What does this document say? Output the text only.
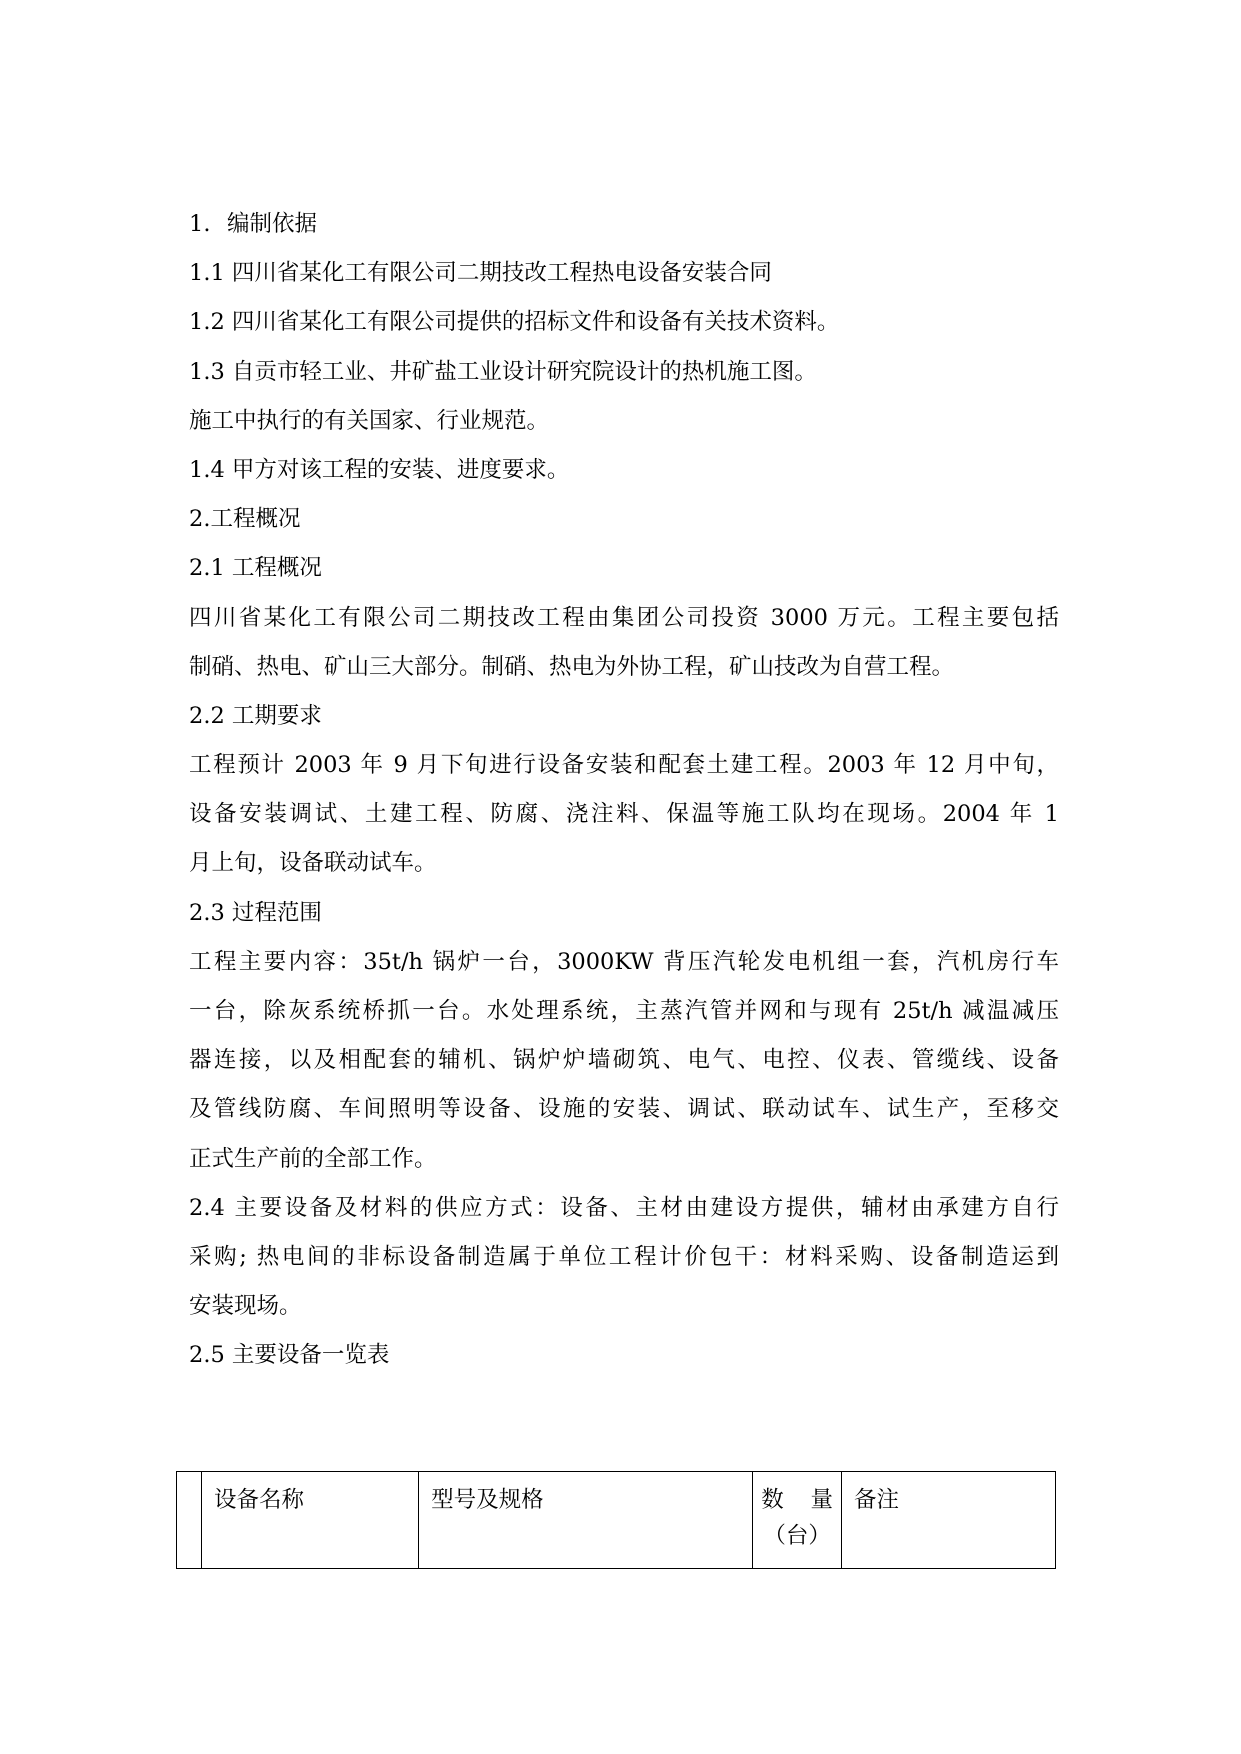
1. 编制依据

1.1 四川省某化工有限公司二期技改工程热电设备安装合同

1.2 四川省某化工有限公司提供的招标文件和设备有关技术资料。

1.3 自贡市轻工业、井矿盐工业设计研究院设计的热机施工图。

施工中执行的有关国家、行业规范。

1.4 甲方对该工程的安装、进度要求。

2.工程概况

2.1 工程概况

四川省某化工有限公司二期技改工程由集团公司投资 3000 万元。工程主要包括

制硝、热电、矿山三大部分。制硝、热电为外协工程，矿山技改为自营工程。

2.2 工期要求

工程预计 2003 年 9 月下旬进行设备安装和配套土建工程。2003 年 12 月中旬，

设备安装调试、土建工程、防腐、浇注料、保温等施工队均在现场。2004 年 1

月上旬，设备联动试车。

2.3 过程范围

工程主要内容：35t/h 锅炉一台，3000KW 背压汽轮发电机组一套，汽机房行车

一台，除灰系统桥抓一台。水处理系统，主蒸汽管并网和与现有 25t/h 减温减压

器连接，以及相配套的辅机、锅炉炉墙砌筑、电气、电控、仪表、管缆线、设备

及管线防腐、车间照明等设备、设施的安装、调试、联动试车、试生产，至移交

正式生产前的全部工作。

2.4 主要设备及材料的供应方式：设备、主材由建设方提供，辅材由承建方自行

采购; 热电间的非标设备制造属于单位工程计价包干：材料采购、设备制造运到

安装现场。

2.5 主要设备一览表

	设备名称	型号及规格	数 量
（台）
	备注
